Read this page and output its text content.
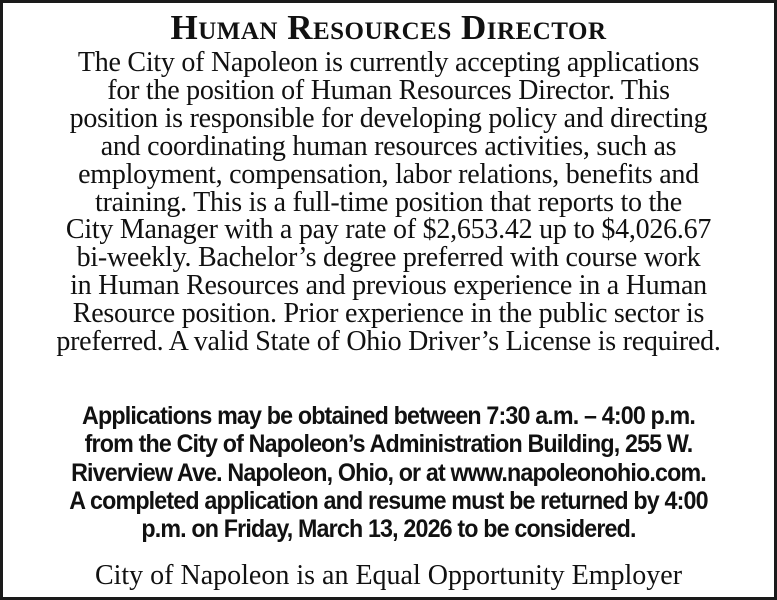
Human Resources Director

The City of Napoleon is currently accepting applications
for the position of Human Resources Director. This
position is responsible for developing policy and directing
and coordinating human resources activities, such as
employment, compensation, labor relations, benefits and
training. This is a full-time position that reports to the
City Manager with a pay rate of $2,653.42 up to $4,026.67
bi-weekly. Bachelor’s degree preferred with course work
in Human Resources and previous experience in a Human
Resource position. Prior experience in the public sector is
preferred. A valid State of Ohio Driver’s License is required.

Applications may be obtained between 7:30 a.m. – 4:00 p.m.
from the City of Napoleon’s Administration Building, 255 W.
Riverview Ave. Napoleon, Ohio, or at www.napoleonohio.com.
A completed application and resume must be returned by 4:00
p.m. on Friday, March 13, 2026 to be considered.

City of Napoleon is an Equal Opportunity Employer
